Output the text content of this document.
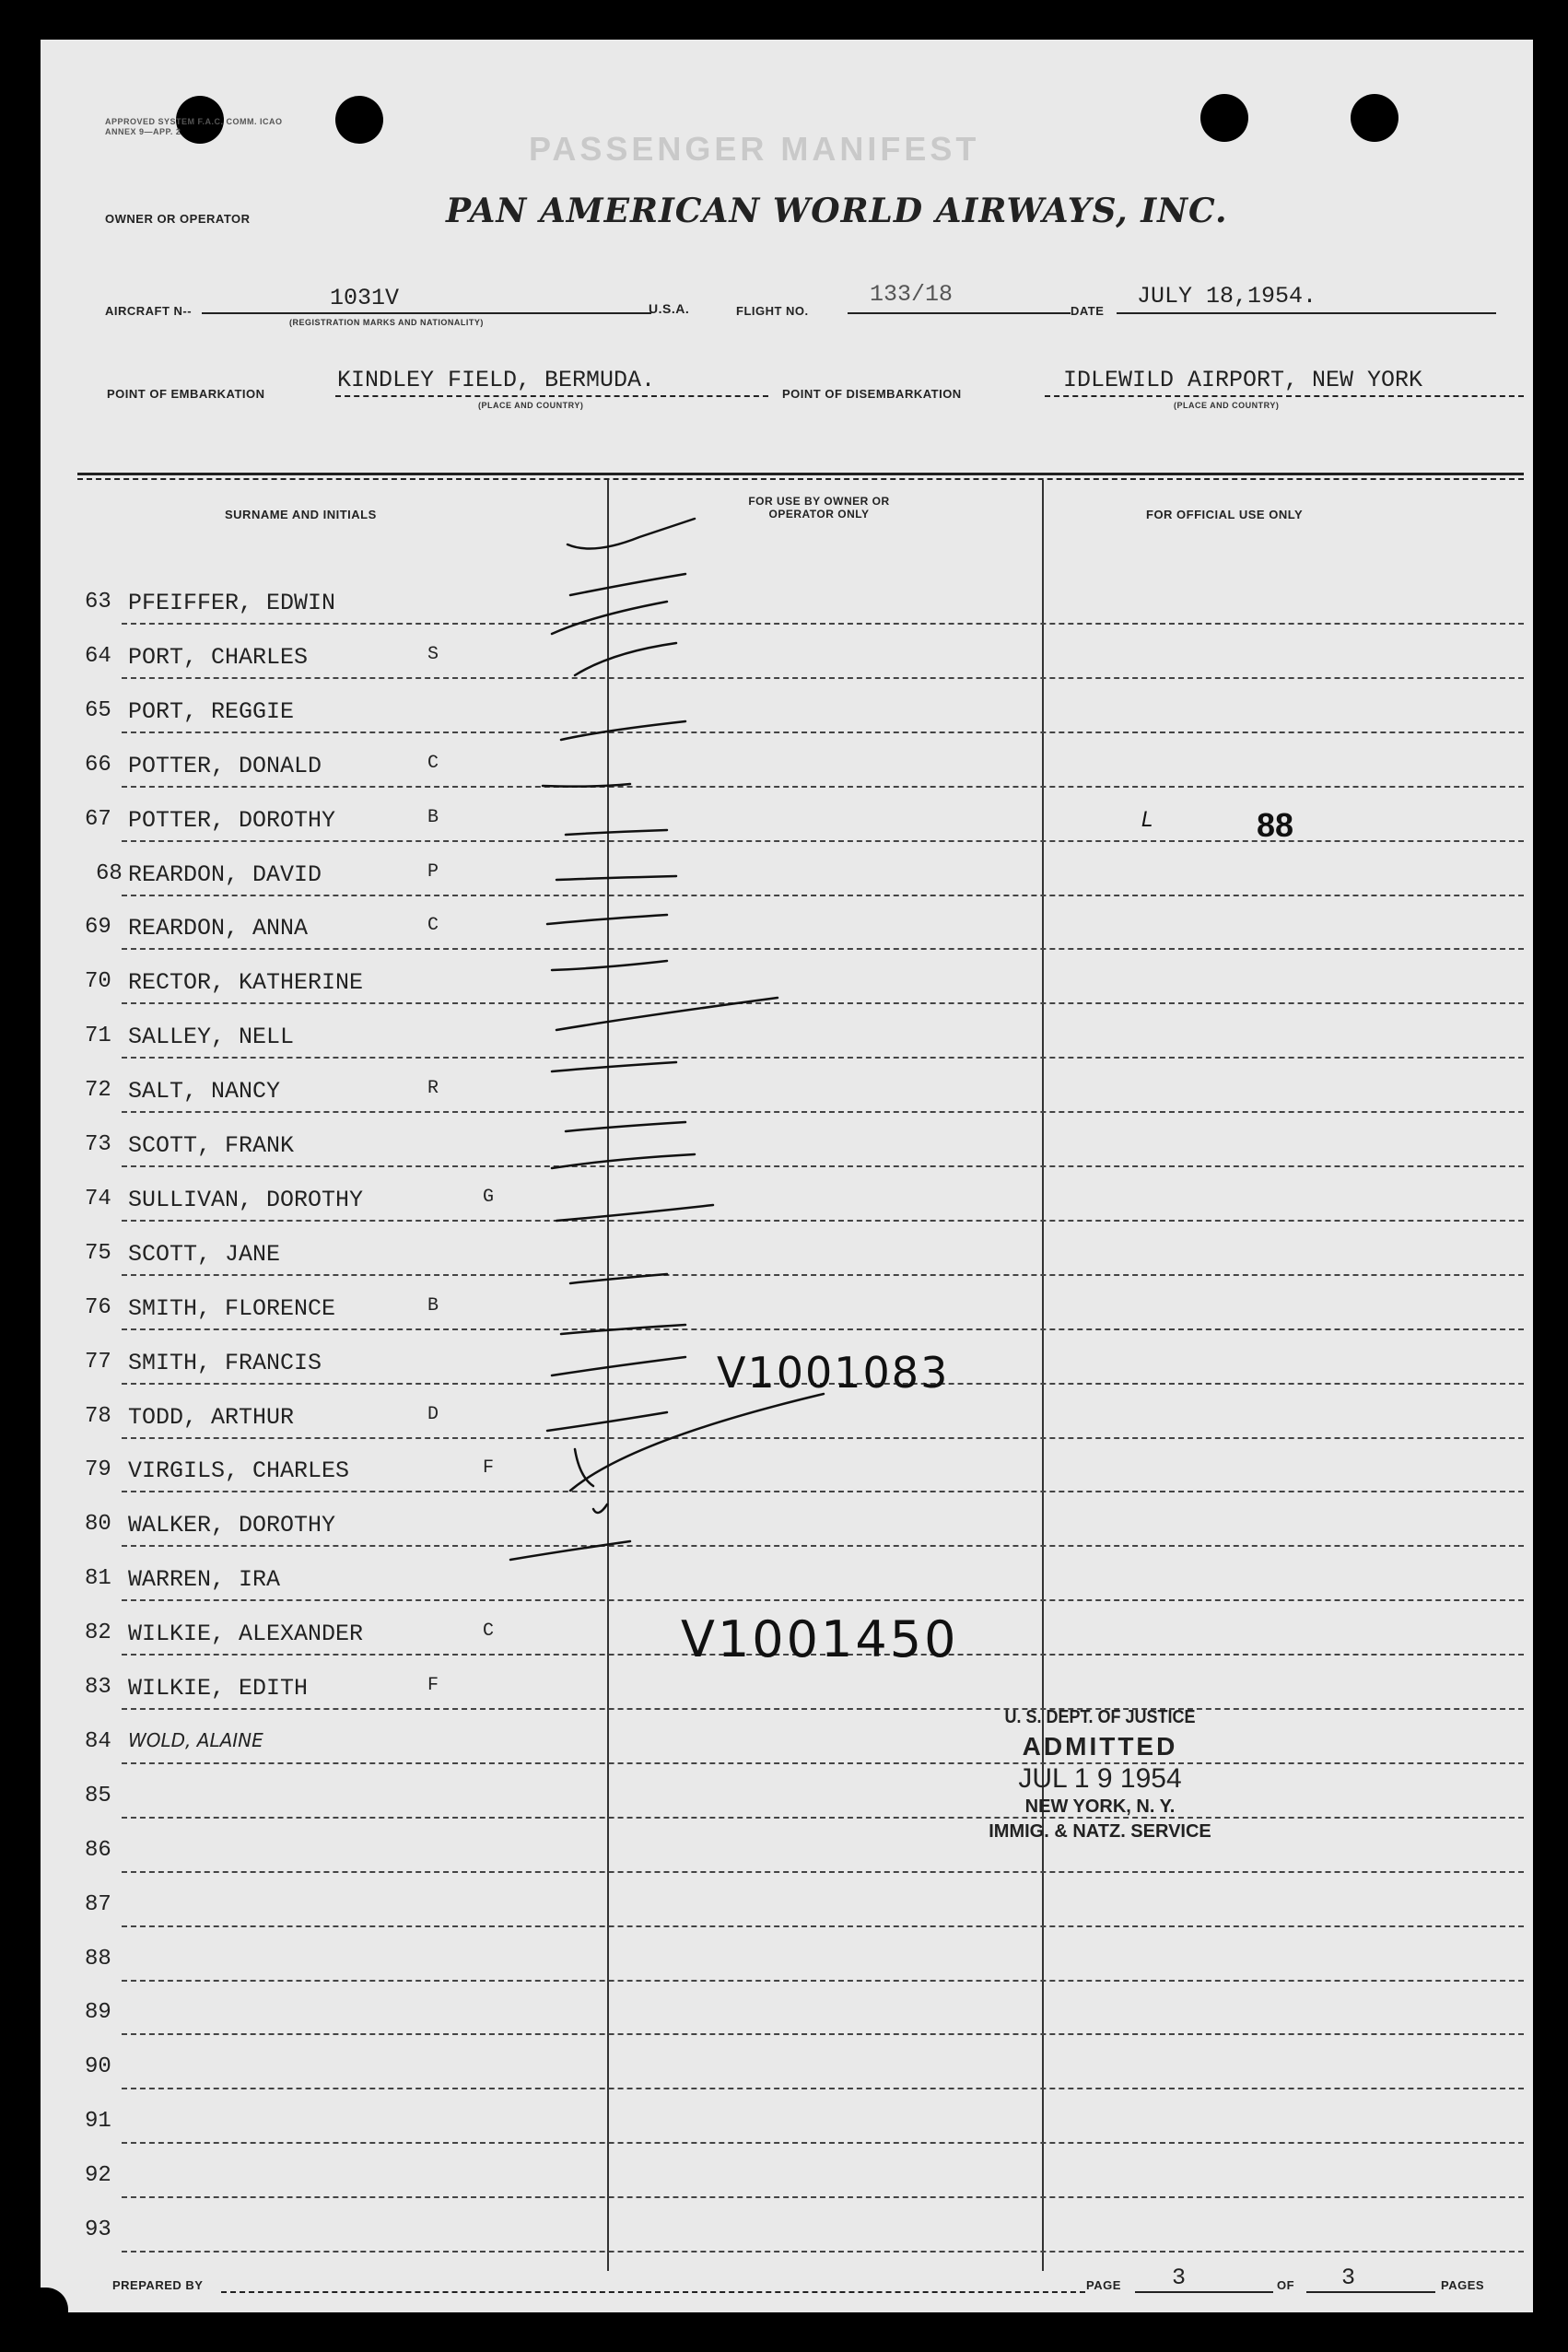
APPROVED SYSTEM F.A.C. COMM. ICAO ANNEX 9—APP. 2	PASSENGER MANIFEST
OWNER OR OPERATOR	PAN AMERICAN WORLD AIRWAYS, INC.
AIRCRAFT N--	1031V
(REGISTRATION MARKS AND NATIONALITY)
U.S.A.	FLIGHT NO.
133/18
DATE
JULY 18,1954.
POINT OF EMBARKATION
KINDLEY FIELD, BERMUDA.
(PLACE AND COUNTRY)
POINT OF DISEMBARKATION
IDLEWILD AIRPORT, NEW YORK
(PLACE AND COUNTRY)
SURNAME AND INITIALS
FOR USE BY OWNER OR OPERATOR ONLY	FOR OFFICIAL USE ONLY
63 PFEIFFER, EDWIN
64 PORT, CHARLES	S
65 PORT, REGGIE
66 POTTER, DONALD	C
67 POTTER, DOROTHY	B
68 REARDON, DAVID	P
69 REARDON, ANNA	C
70 RECTOR, KATHERINE
71 SALLEY, NELL
72 SALT, NANCY	R
73 SCOTT, FRANK
74 SULLIVAN, DOROTHY	G
75 SCOTT, JANE
76 SMITH, FLORENCE	B
77 SMITH, FRANCIS
78 TODD, ARTHUR	D
79 VIRGILS, CHARLES	F
80 WALKER, DOROTHY
81 WARREN, IRA
82 WILKIE, ALEXANDER	C
83 WILKIE, EDITH	F
84 WOLD, ALAINE
85
86
87
88
89
90
91
92
93
L	88
V1001083
V1001450
U. S. DEPT. OF JUSTICE
ADMITTED
JUL 1 9 1954
NEW YORK, N. Y.
IMMIG. & NATZ. SERVICE
PREPARED BY	PAGE 3	OF 3	PAGES
